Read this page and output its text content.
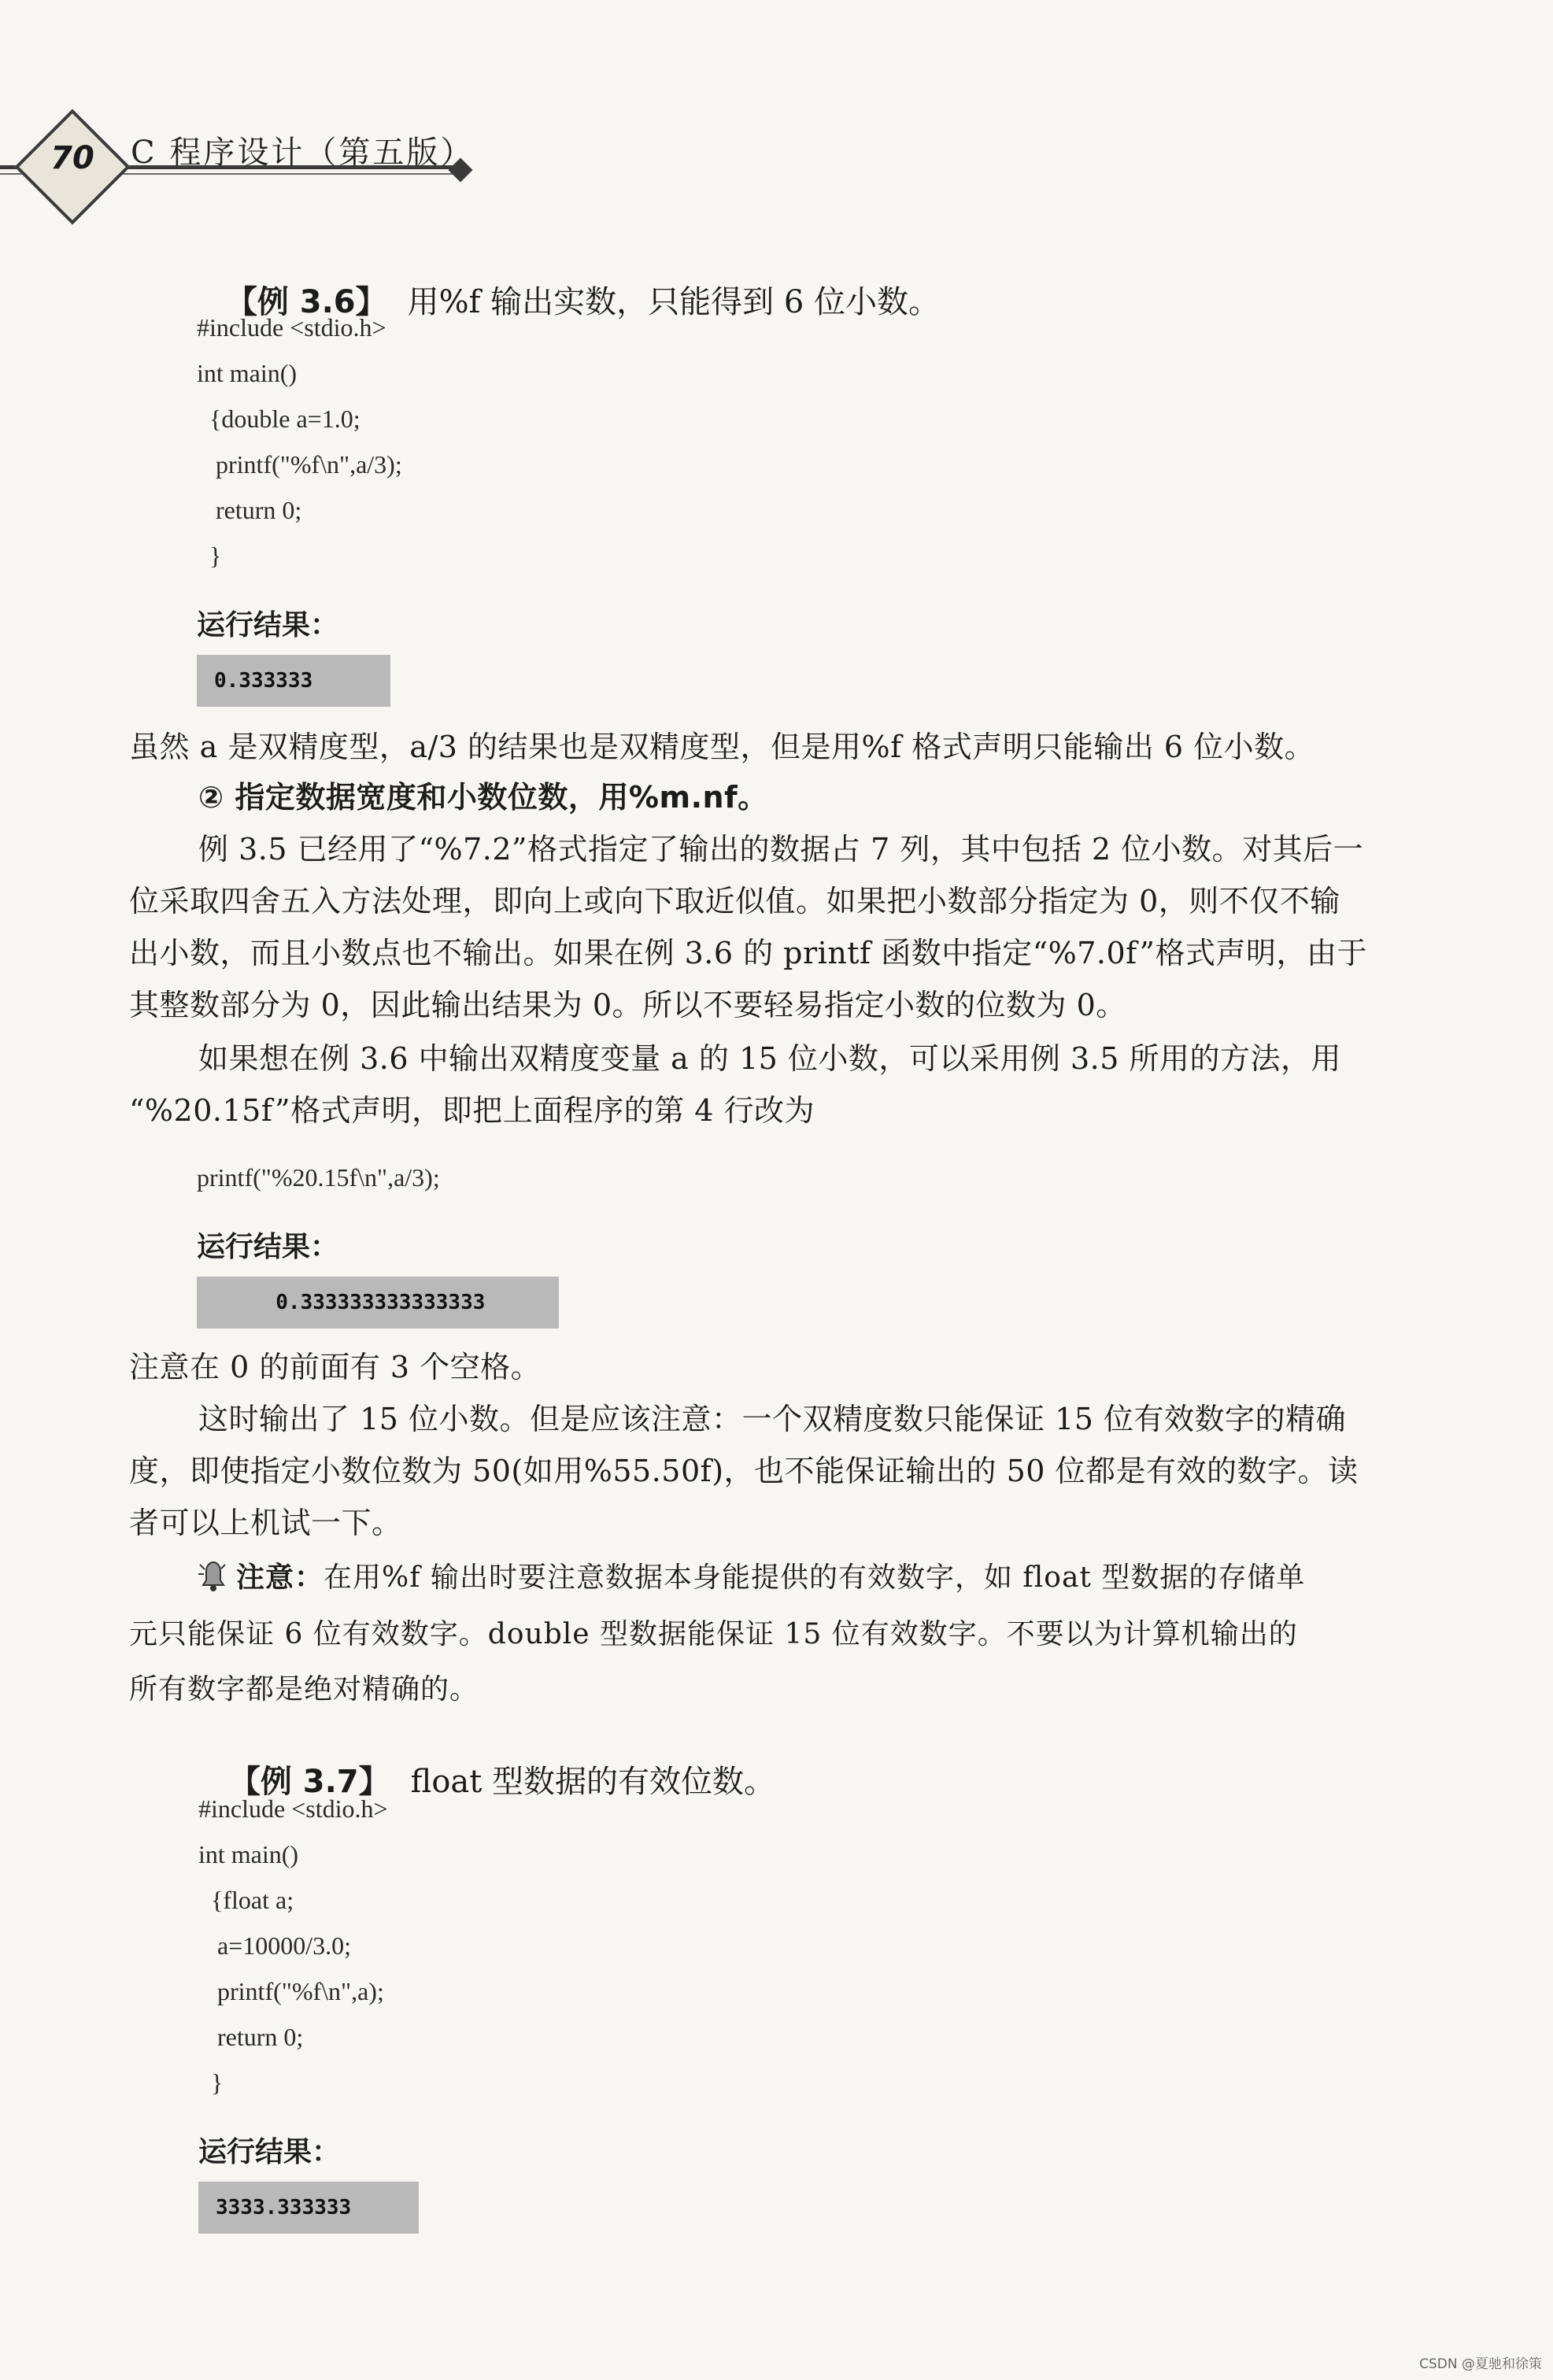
70	C 程序设计（第五版）

【例 3.6】 用%f 输出实数，只能得到 6 位小数。

#include <stdio.h>
int main()
{double a=1.0;
printf("%f\n",a/3);
return 0;
}
运行结果：
0.333333
虽然 a 是双精度型，a/3 的结果也是双精度型，但是用%f 格式声明只能输出 6 位小数。
② 指定数据宽度和小数位数，用%m.nf。
例 3.5 已经用了“%7.2”格式指定了输出的数据占 7 列，其中包括 2 位小数。对其后一
位采取四舍五入方法处理，即向上或向下取近似值。如果把小数部分指定为 0，则不仅不输
出小数，而且小数点也不输出。如果在例 3.6 的 printf 函数中指定“%7.0f”格式声明，由于
其整数部分为 0，因此输出结果为 0。所以不要轻易指定小数的位数为 0。
如果想在例 3.6 中输出双精度变量 a 的 15 位小数，可以采用例 3.5 所用的方法，用
“%20.15f”格式声明，即把上面程序的第 4 行改为
printf("%20.15f\n",a/3);
运行结果：
0.333333333333333
注意在 0 的前面有 3 个空格。
这时输出了 15 位小数。但是应该注意：一个双精度数只能保证 15 位有效数字的精确
度，即使指定小数位数为 50(如用%55.50f)，也不能保证输出的 50 位都是有效的数字。读
者可以上机试一下。
注意：在用%f 输出时要注意数据本身能提供的有效数字，如 float 型数据的存储单
元只能保证 6 位有效数字。double 型数据能保证 15 位有效数字。不要以为计算机输出的
所有数字都是绝对精确的。

【例 3.7】 float 型数据的有效位数。

#include <stdio.h>
int main()
{float a;
a=10000/3.0;
printf("%f\n",a);
return 0;
}
运行结果：
3333.333333
CSDN @夏驰和徐策
